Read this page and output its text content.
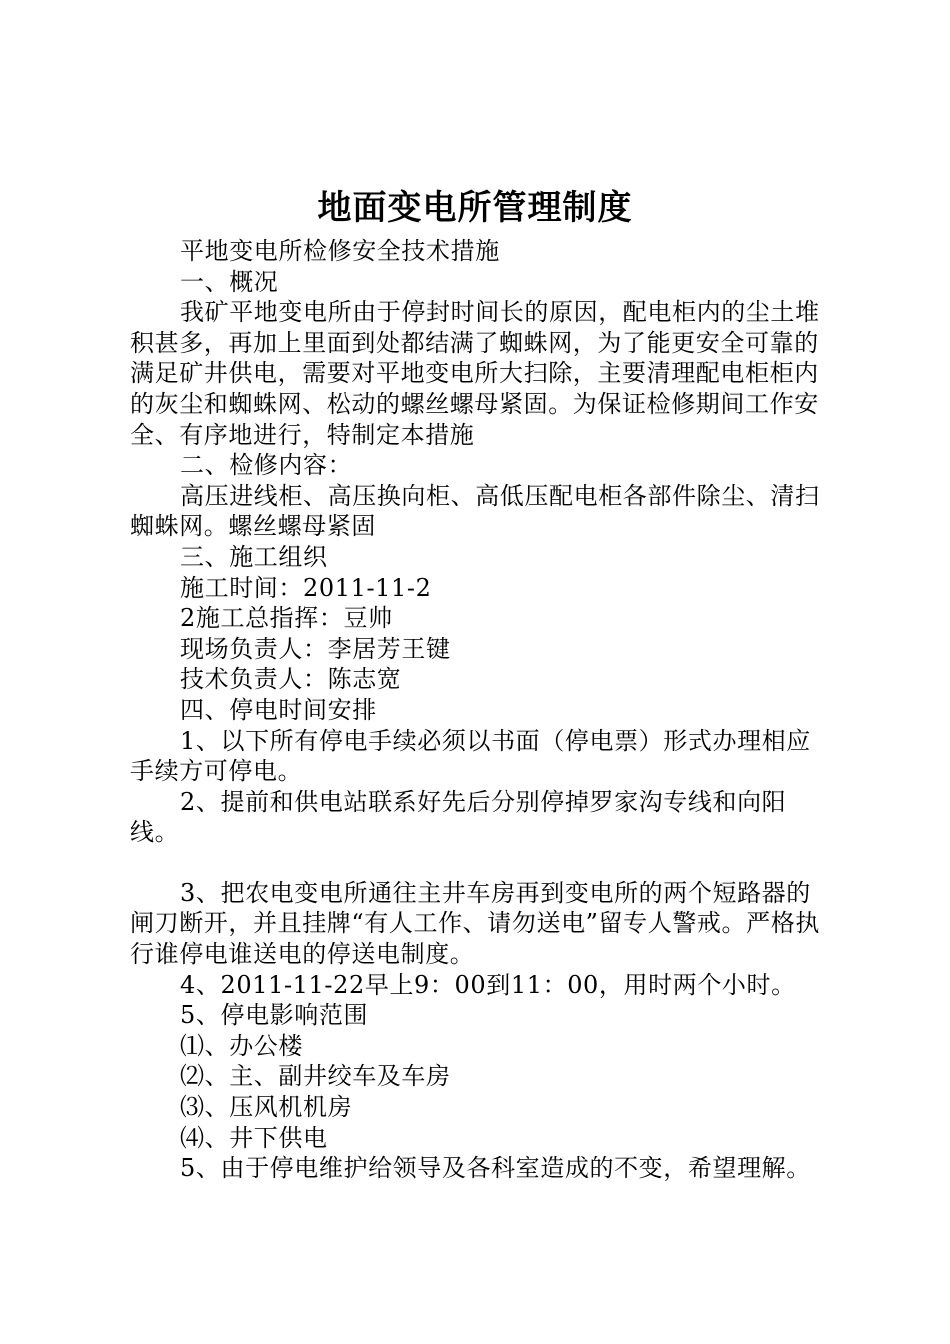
地面变电所管理制度

平地变电所检修安全技术措施

一、概况

我矿平地变电所由于停封时间长的原因，配电柜内的尘土堆积甚多，再加上里面到处都结满了蜘蛛网，为了能更安全可靠的满足矿井供电，需要对平地变电所大扫除，主要清理配电柜柜内的灰尘和蜘蛛网、松动的螺丝螺母紧固。为保证检修期间工作安全、有序地进行，特制定本措施

二、检修内容：

高压进线柜、高压换向柜、高低压配电柜各部件除尘、清扫蜘蛛网。螺丝螺母紧固

三、施工组织

施工时间：2011-11-2

2施工总指挥：豆帅

现场负责人：李居芳王键

技术负责人：陈志宽

四、停电时间安排

1、以下所有停电手续必须以书面（停电票）形式办理相应手续方可停电。

2、提前和供电站联系好先后分别停掉罗家沟专线和向阳线。

3、把农电变电所通往主井车房再到变电所的两个短路器的闸刀断开，并且挂牌“有人工作、请勿送电”留专人警戒。严格执行谁停电谁送电的停送电制度。

4、2011-11-22早上9：00到11：00，用时两个小时。

5、停电影响范围

⑴、办公楼

⑵、主、副井绞车及车房

⑶、压风机机房

⑷、井下供电

5、由于停电维护给领导及各科室造成的不变，希望理解。
